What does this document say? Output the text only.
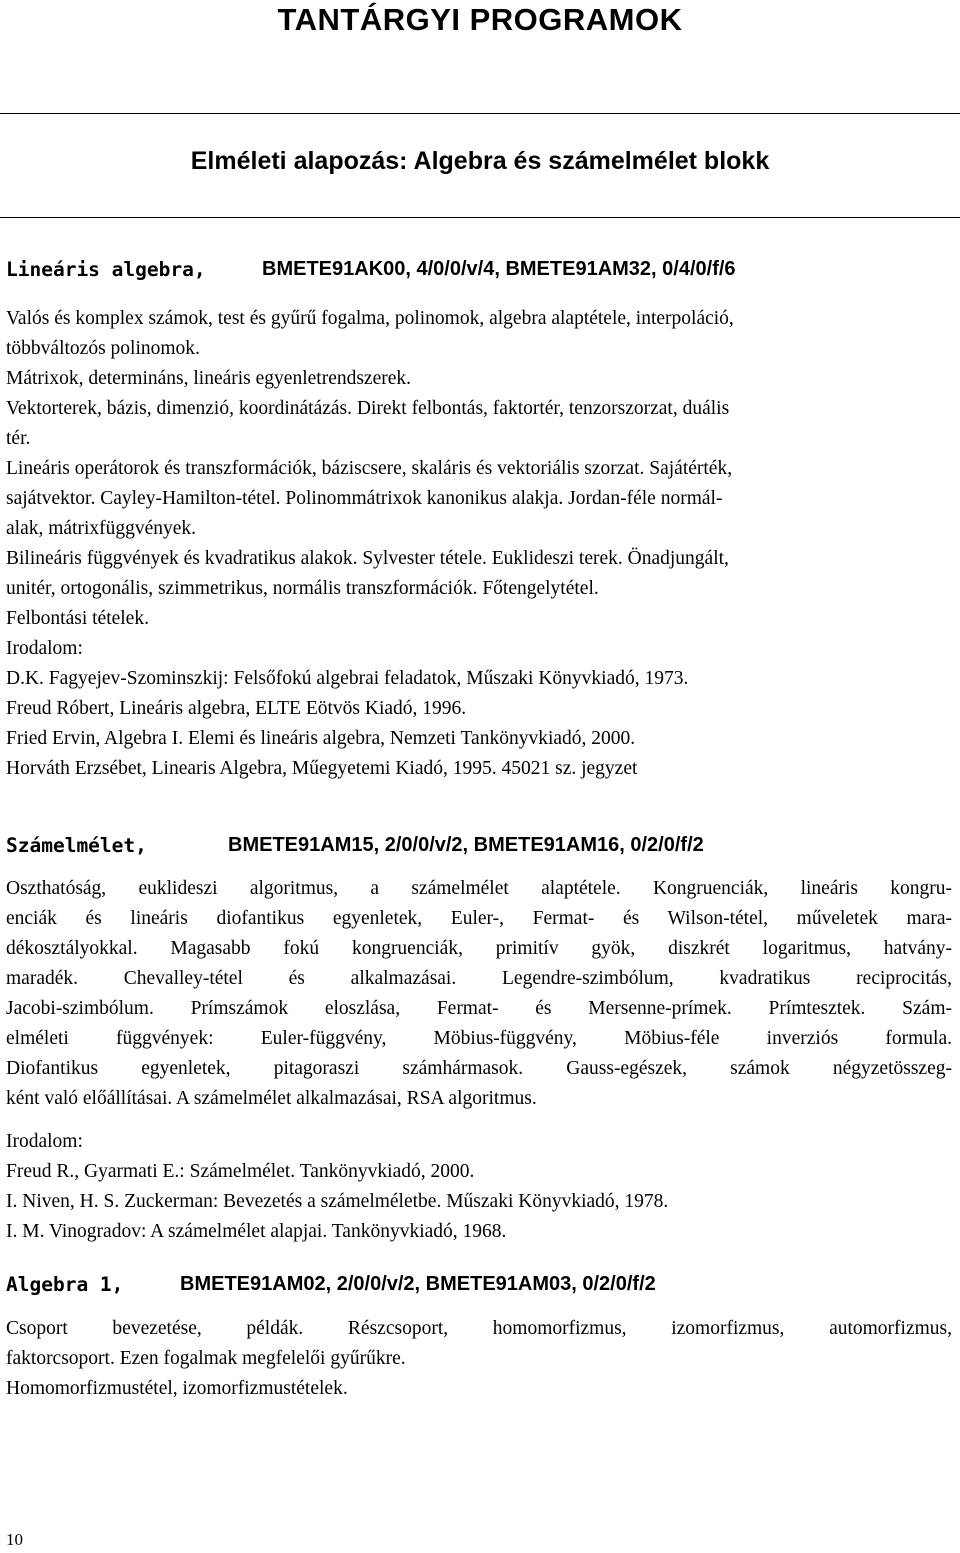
TANTÁRGYI PROGRAMOK
Elméleti alapozás: Algebra és számelmélet blokk
Lineáris algebra,	BMETE91AK00, 4/0/0/v/4, BMETE91AM32, 0/4/0/f/6
Valós és komplex számok, test és gyűrű fogalma, polinomok, algebra alaptétele, interpoláció,
többváltozós polinomok.
Mátrixok, determináns, lineáris egyenletrendszerek.
Vektorterek, bázis, dimenzió, koordinátázás. Direkt felbontás, faktortér, tenzorszorzat, duális
tér.
Lineáris operátorok és transzformációk, báziscsere, skaláris és vektoriális szorzat. Sajátérték,
sajátvektor. Cayley-Hamilton-tétel. Polinommátrixok kanonikus alakja. Jordan-féle normál-
alak, mátrixfüggvények.
Bilineáris függvények és kvadratikus alakok. Sylvester tétele. Euklideszi terek. Önadjungált,
unitér, ortogonális, szimmetrikus, normális transzformációk. Főtengelytétel.
Felbontási tételek.
Irodalom:
D.K. Fagyejev-Szominszkij: Felsőfokú algebrai feladatok, Műszaki Könyvkiadó, 1973.
Freud Róbert, Lineáris algebra, ELTE Eötvös Kiadó, 1996.
Fried Ervin, Algebra I. Elemi és lineáris algebra, Nemzeti Tankönyvkiadó, 2000.
Horváth Erzsébet, Linearis Algebra, Műegyetemi Kiadó, 1995. 45021 sz. jegyzet
Számelmélet,	BMETE91AM15, 2/0/0/v/2, BMETE91AM16, 0/2/0/f/2
Oszthatóság, euklideszi algoritmus, a számelmélet alaptétele. Kongruenciák, lineáris kongru-
enciák és lineáris diofantikus egyenletek, Euler-, Fermat- és Wilson-tétel, műveletek mara-
dékosztályokkal. Magasabb fokú kongruenciák, primitív gyök, diszkrét logaritmus, hatvány-
maradék. Chevalley-tétel és alkalmazásai. Legendre-szimbólum, kvadratikus reciprocitás,
Jacobi-szimbólum. Prímszámok eloszlása, Fermat- és Mersenne-prímek. Prímtesztek. Szám-
elméleti függvények: Euler-függvény, Möbius-függvény, Möbius-féle inverziós formula.
Diofantikus egyenletek, pitagoraszi számhármasok. Gauss-egészek, számok négyzetösszeg-
ként való előállításai. A számelmélet alkalmazásai, RSA algoritmus.
Irodalom:
Freud R., Gyarmati E.: Számelmélet. Tankönyvkiadó, 2000.
I. Niven, H. S. Zuckerman: Bevezetés a számelméletbe. Műszaki Könyvkiadó, 1978.
I. M. Vinogradov: A számelmélet alapjai. Tankönyvkiadó, 1968.
Algebra 1,	BMETE91AM02, 2/0/0/v/2, BMETE91AM03, 0/2/0/f/2
Csoport bevezetése, példák. Részcsoport, homomorfizmus, izomorfizmus, automorfizmus,
faktorcsoport. Ezen fogalmak megfelelői gyűrűkre.
Homomorfizmustétel, izomorfizmustételek.
10
